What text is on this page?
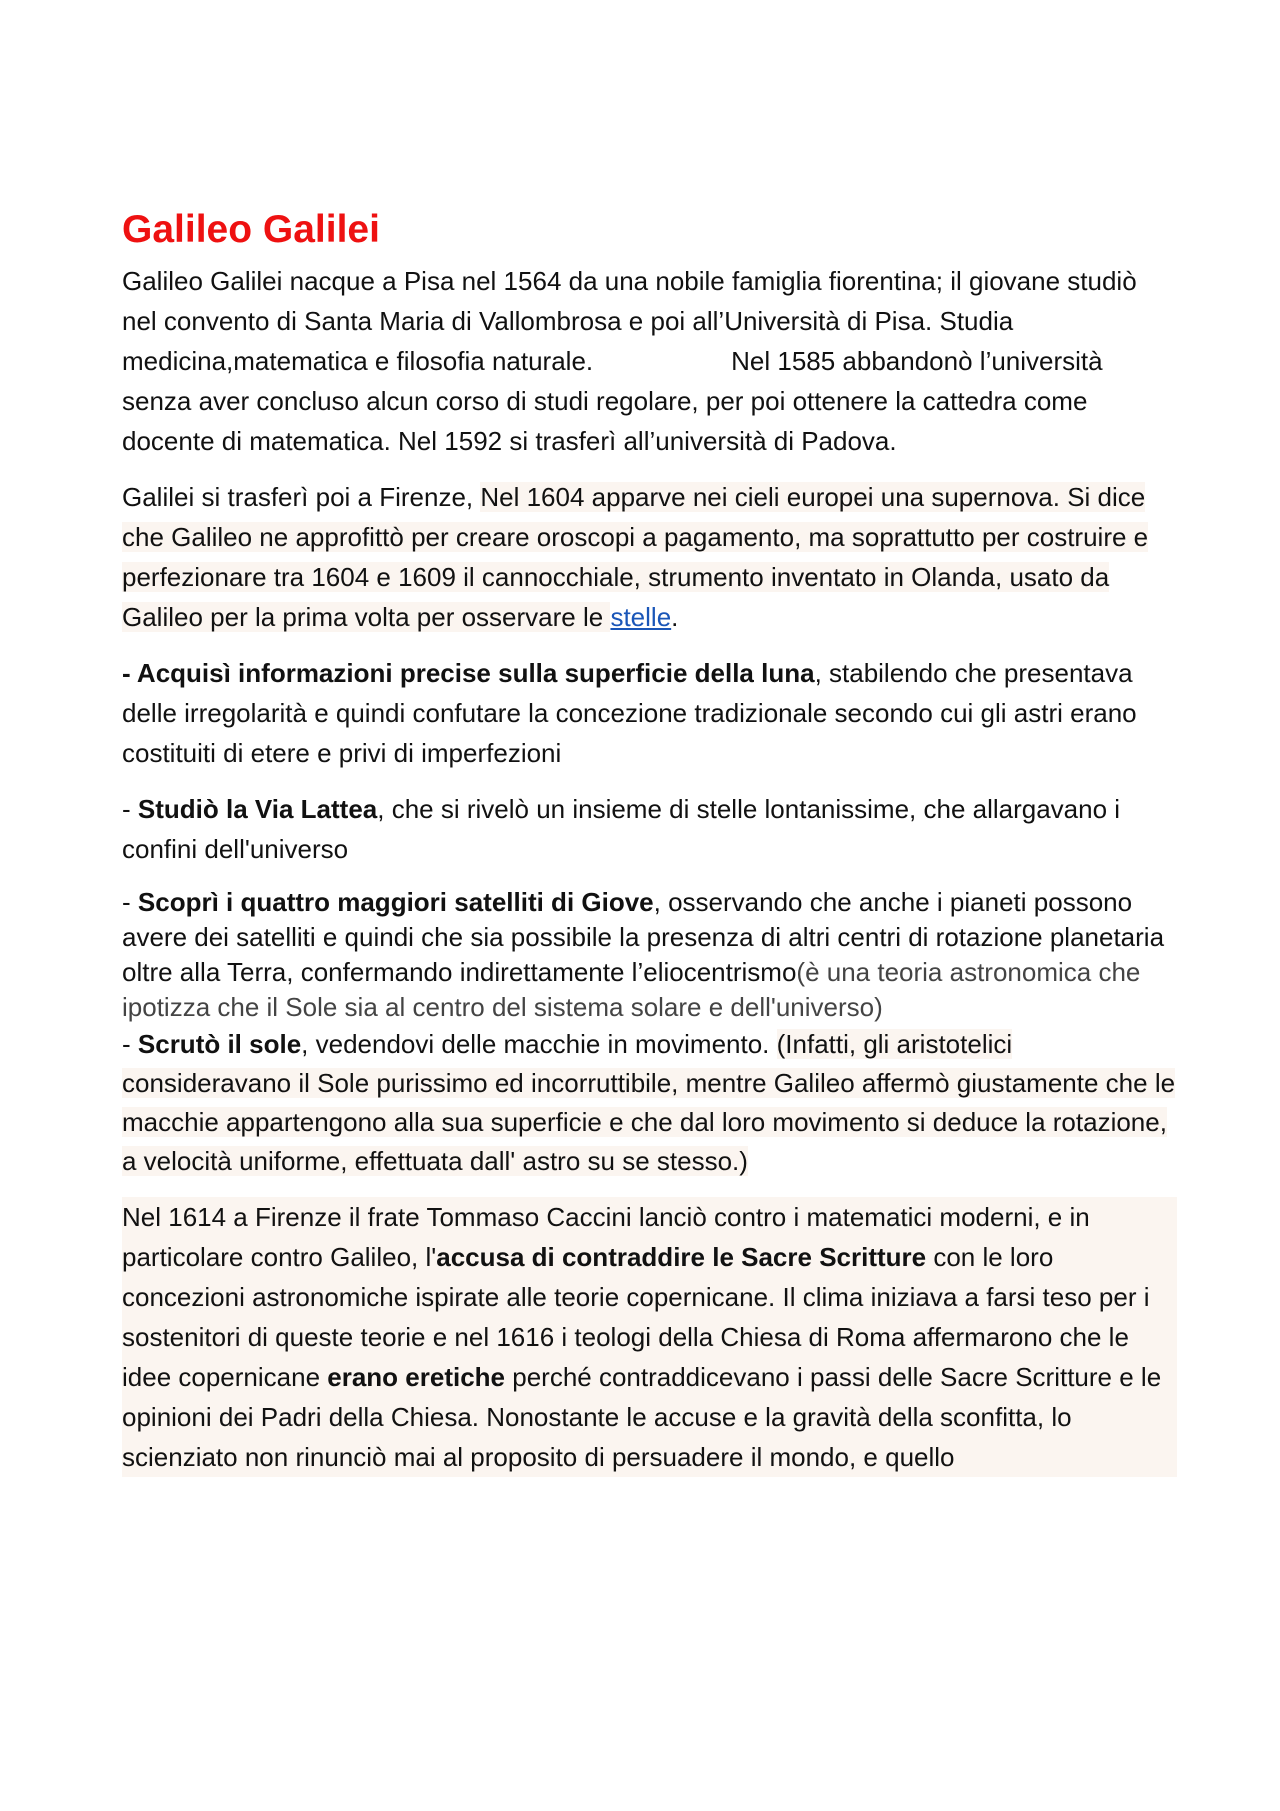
Galileo Galilei

Galileo Galilei nacque a Pisa nel 1564 da una nobile famiglia fiorentina; il giovane studiò nel convento di Santa Maria di Vallombrosa e poi all’Università di Pisa. Studia medicina,matematica e filosofia naturale.	Nel 1585 abbandonò l’università senza aver concluso alcun corso di studi regolare, per poi ottenere la cattedra come docente di matematica. Nel 1592 si trasferì all’università di Padova.

Galilei si trasferì poi a Firenze, Nel 1604 apparve nei cieli europei una supernova. Si dice che Galileo ne approfittò per creare oroscopi a pagamento, ma soprattutto per costruire e perfezionare tra 1604 e 1609 il cannocchiale, strumento inventato in Olanda, usato da Galileo per la prima volta per osservare le stelle.

- Acquisì informazioni precise sulla superficie della luna, stabilendo che presentava delle irregolarità e quindi confutare la concezione tradizionale secondo cui gli astri erano costituiti di etere e privi di imperfezioni

- Studiò la Via Lattea, che si rivelò un insieme di stelle lontanissime, che allargavano i confini dell'universo

- Scoprì i quattro maggiori satelliti di Giove, osservando che anche i pianeti possono avere dei satelliti e quindi che sia possibile la presenza di altri centri di rotazione planetaria oltre alla Terra, confermando indirettamente l’eliocentrismo(è una teoria astronomica che ipotizza che il Sole sia al centro del sistema solare e dell'universo)

- Scrutò il sole, vedendovi delle macchie in movimento. (Infatti, gli aristotelici consideravano il Sole purissimo ed incorruttibile, mentre Galileo affermò giustamente che le macchie appartengono alla sua superficie e che dal loro movimento si deduce la rotazione, a velocità uniforme, effettuata dall' astro su se stesso.)

Nel 1614 a Firenze il frate Tommaso Caccini lanciò contro i matematici moderni, e in particolare contro Galileo, l'accusa di contraddire le Sacre Scritture con le loro concezioni astronomiche ispirate alle teorie copernicane. Il clima iniziava a farsi teso per i sostenitori di queste teorie e nel 1616 i teologi della Chiesa di Roma affermarono che le idee copernicane erano eretiche perché contraddicevano i passi delle Sacre Scritture e le opinioni dei Padri della Chiesa. Nonostante le accuse e la gravità della sconfitta, lo scienziato non rinunciò mai al proposito di persuadere il mondo, e quello
